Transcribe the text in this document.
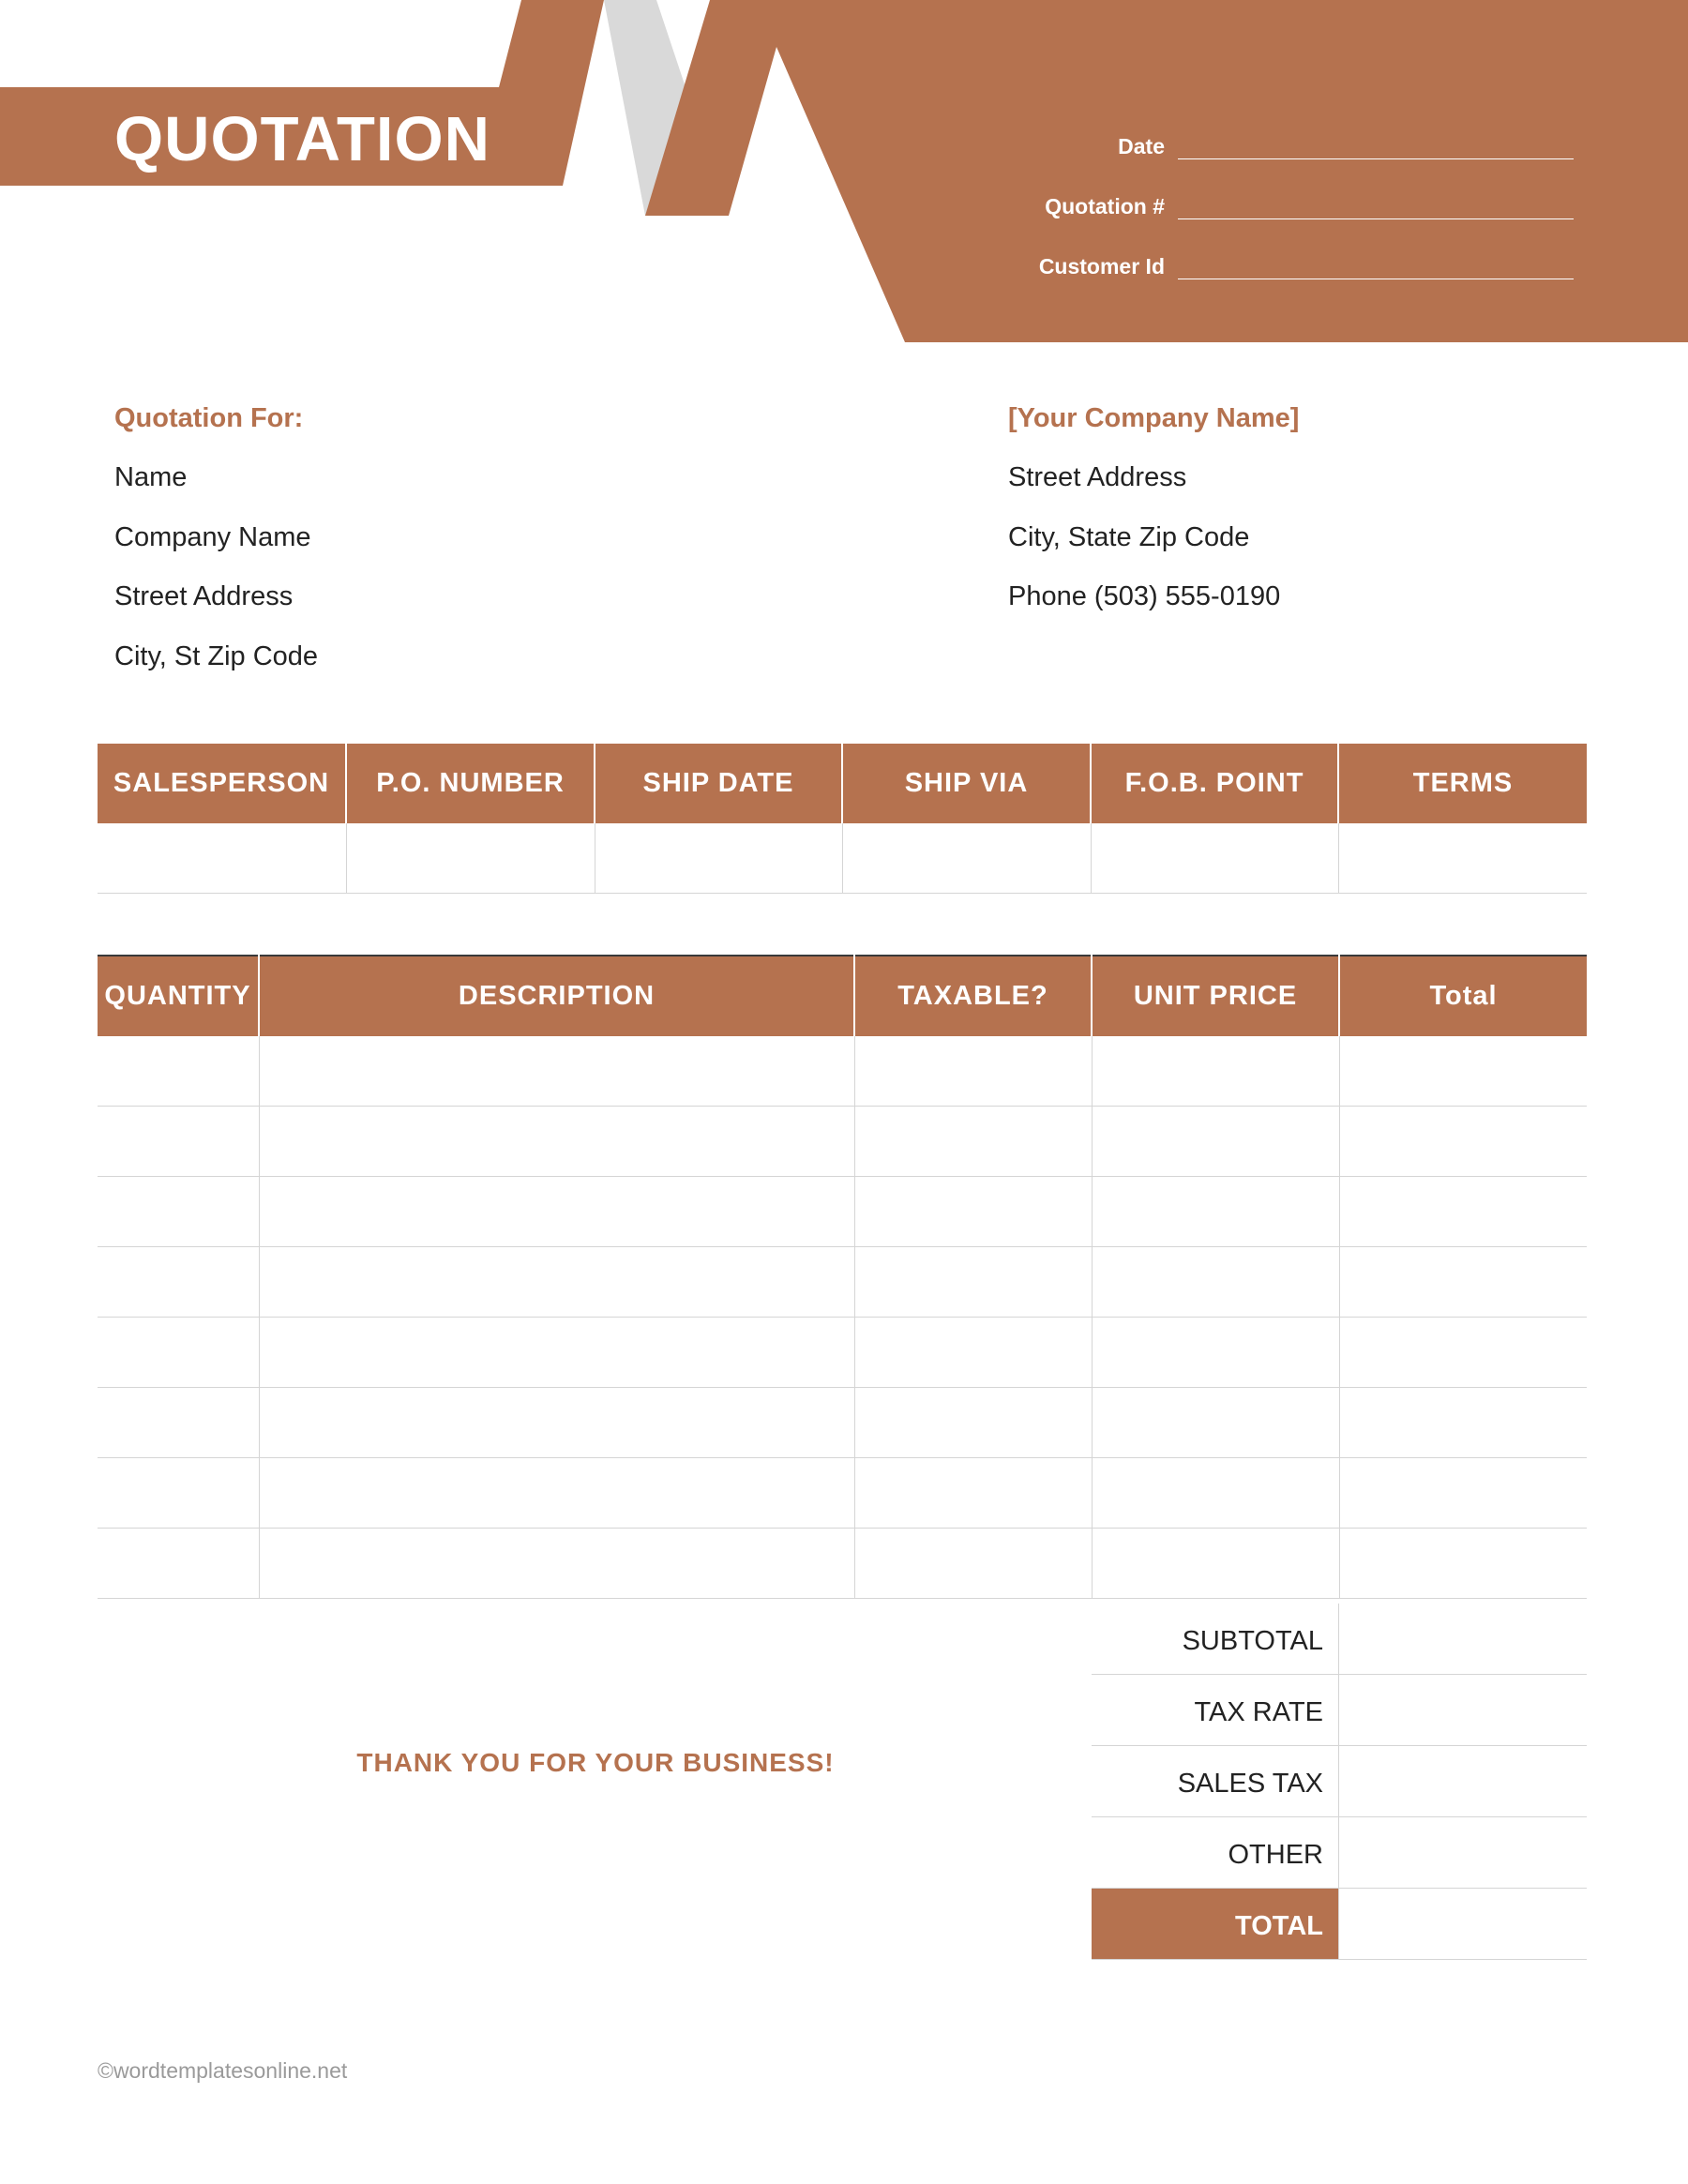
QUOTATION	Date
Quotation #
Customer Id
Quotation For:
Name
Company Name
Street Address
City, St Zip Code
[Your Company Name]
Street Address
City, State Zip Code
Phone (503) 555-0190
SALESPERSON	P.O. NUMBER	SHIP DATE	SHIP VIA	F.O.B. POINT	TERMS

QUANTITY	DESCRIPTION	TAXABLE?	UNIT PRICE	Total

THANK YOU FOR YOUR BUSINESS!
SUBTOTAL
TAX RATE
SALES TAX
OTHER
TOTAL
©wordtemplatesonline.net
